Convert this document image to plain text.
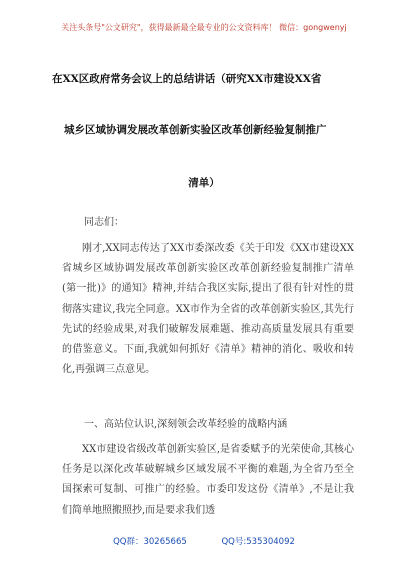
关注头条号"公文研究"，获得最新最全最专业的公文资料库！ 微信：gongwenyj
在XX区政府常务会议上的总结讲话（研究XX市建设XX省
城乡区域协调发展改革创新实验区改革创新经验复制推广
清单）
同志们：
刚才,XX同志传达了XX市委深改委《关于印发《XX市建设XX省城乡区域协调发展改革创新实验区改革创新经验复制推广清单(第一批)》的通知》精神,并结合我区实际,提出了很有针对性的贯彻落实建议,我完全同意。XX市作为全省的改革创新实验区,其先行先试的经验成果,对我们破解发展难题、推动高质量发展具有重要的借鉴意义。下面,我就如何抓好《清单》精神的消化、吸收和转化,再强调三点意见。
一、高站位认识,深刻领会改革经验的战略内涵
XX市建设省级改革创新实验区,是省委赋予的光荣使命,其核心任务是以深化改革破解城乡区域发展不平衡的难题,为全省乃至全国探索可复制、可推广的经验。市委印发这份《清单》,不是让我们简单地照搬照抄,而是要求我们透
QQ群：30265665	QQ号:535304092
